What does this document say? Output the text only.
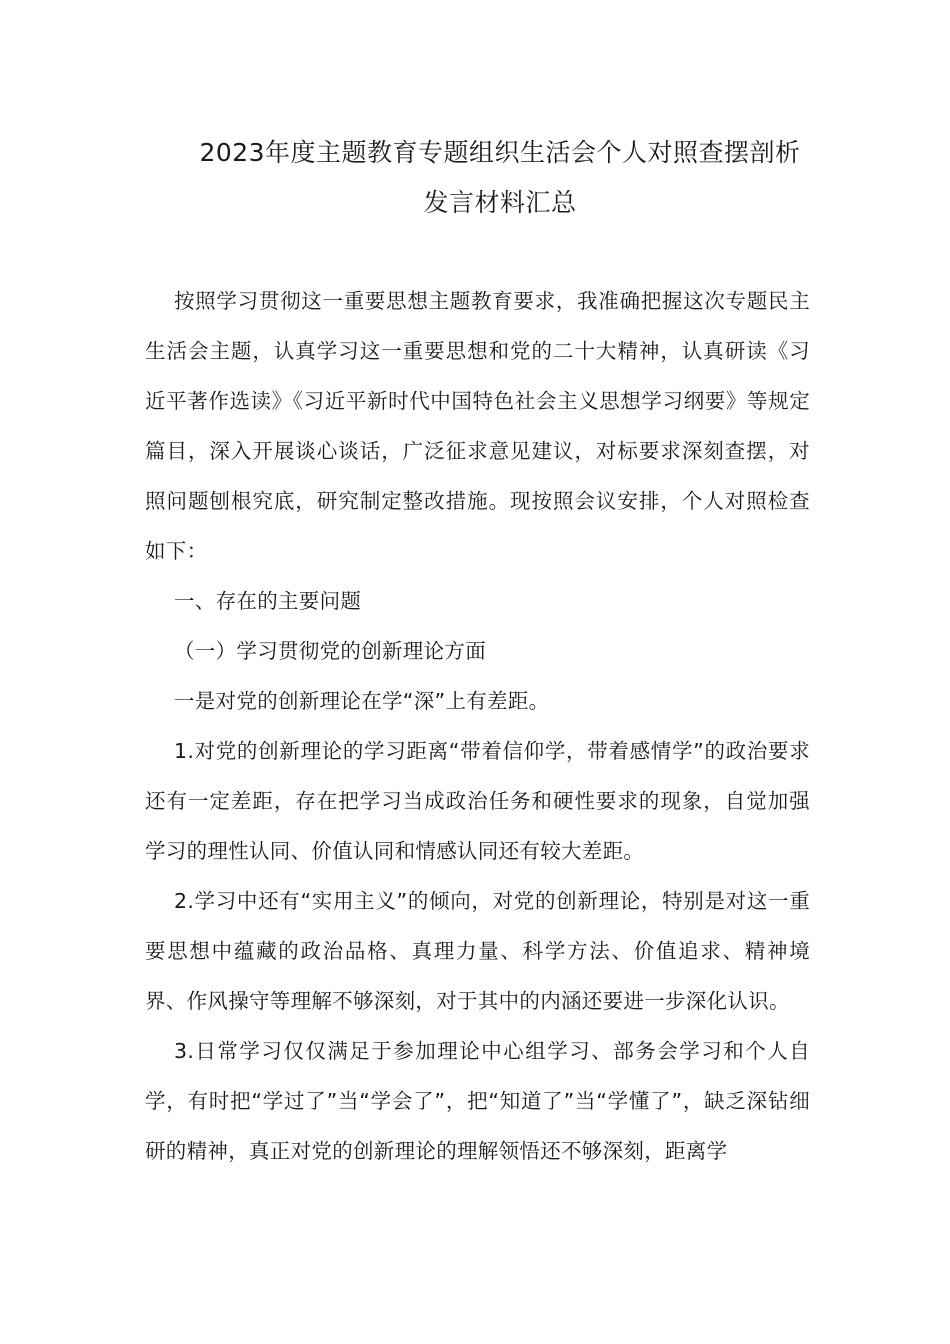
2023年度主题教育专题组织生活会个人对照查摆剖析
发言材料汇总

按照学习贯彻这一重要思想主题教育要求，我准确把握这次专题民主生活会主题，认真学习这一重要思想和党的二十大精神，认真研读《习近平著作选读》《习近平新时代中国特色社会主义思想学习纲要》等规定篇目，深入开展谈心谈话，广泛征求意见建议，对标要求深刻查摆，对照问题刨根究底，研究制定整改措施。现按照会议安排，个人对照检查如下：

一、存在的主要问题

（一）学习贯彻党的创新理论方面

一是对党的创新理论在学“深”上有差距。

1.对党的创新理论的学习距离“带着信仰学，带着感情学”的政治要求还有一定差距，存在把学习当成政治任务和硬性要求的现象，自觉加强学习的理性认同、价值认同和情感认同还有较大差距。

2.学习中还有“实用主义”的倾向，对党的创新理论，特别是对这一重要思想中蕴藏的政治品格、真理力量、科学方法、价值追求、精神境界、作风操守等理解不够深刻，对于其中的内涵还要进一步深化认识。

3.日常学习仅仅满足于参加理论中心组学习、部务会学习和个人自学，有时把“学过了”当“学会了”，把“知道了”当“学懂了”，缺乏深钻细研的精神，真正对党的创新理论的理解领悟还不够深刻，距离学
